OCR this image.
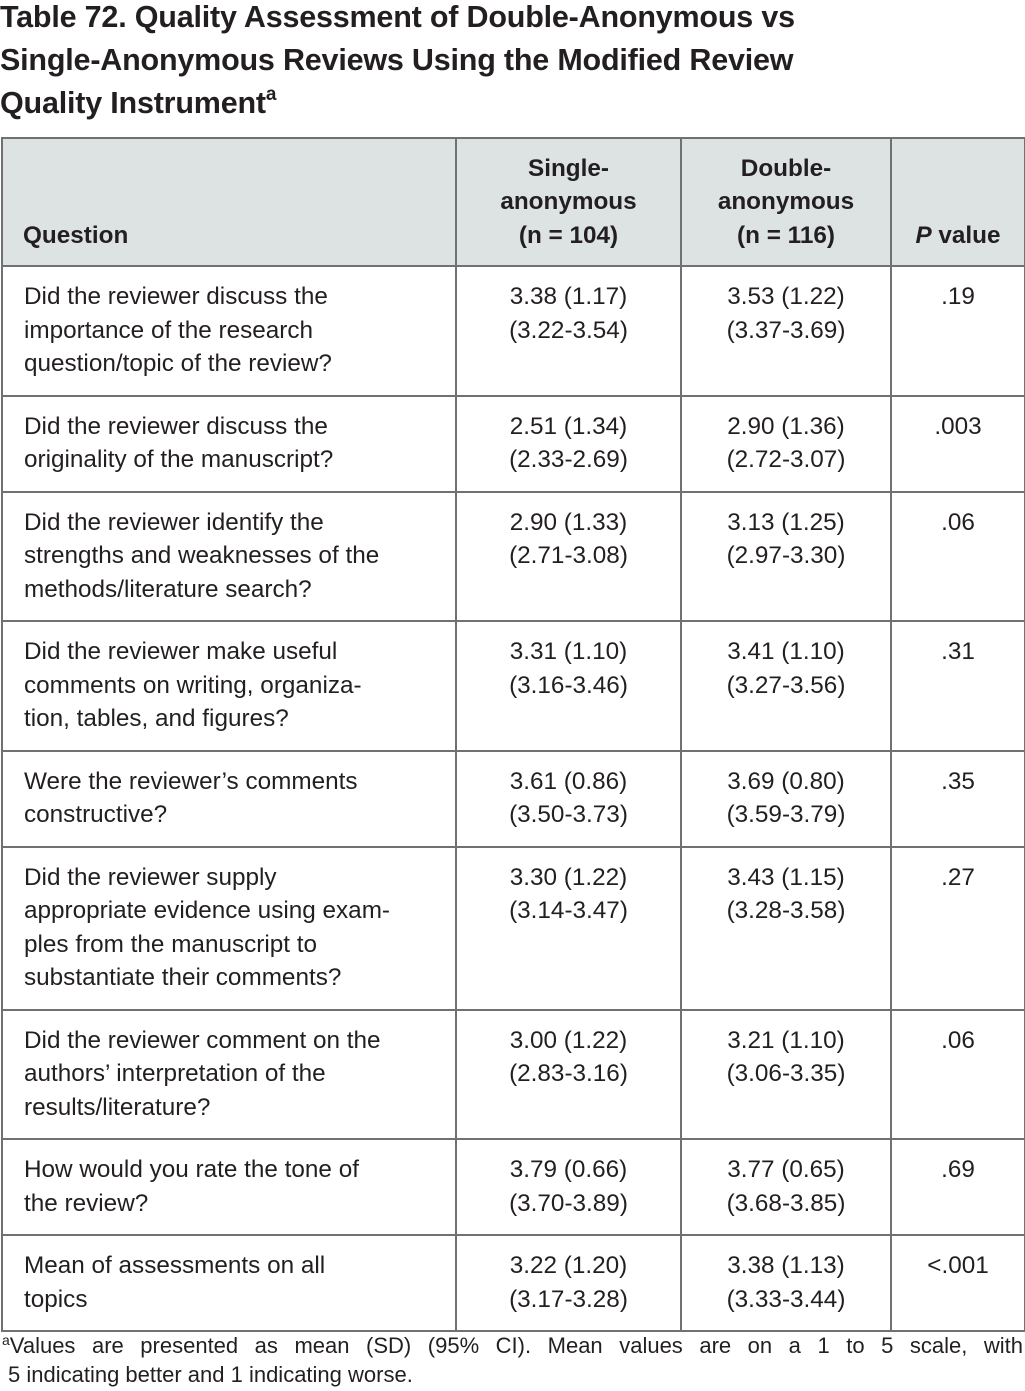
Table 72. Quality Assessment of Double-Anonymous vs
Single-Anonymous Reviews Using the Modified Review
Quality Instrument$^a$
Question	Single-
anonymous
(n = 104)	Double-
anonymous
(n = 116)	P value

Did the reviewer discuss the
importance of the research
question/topic of the review?	3.38 (1.17)
(3.22-3.54)	3.53 (1.22)
(3.37-3.69)	.19

Did the reviewer discuss the
originality of the manuscript?	2.51 (1.34)
(2.33-2.69)	2.90 (1.36)
(2.72-3.07)	.003

Did the reviewer identify the
strengths and weaknesses of the
methods/literature search?	2.90 (1.33)
(2.71-3.08)	3.13 (1.25)
(2.97-3.30)	.06

Did the reviewer make useful
comments on writing, organiza-
tion, tables, and figures?	3.31 (1.10)
(3.16-3.46)	3.41 (1.10)
(3.27-3.56)	.31

Were the reviewer’s comments
constructive?	3.61 (0.86)
(3.50-3.73)	3.69 (0.80)
(3.59-3.79)	.35

Did the reviewer supply
appropriate evidence using exam-
ples from the manuscript to
substantiate their comments?	3.30 (1.22)
(3.14-3.47)	3.43 (1.15)
(3.28-3.58)	.27

Did the reviewer comment on the
authors’ interpretation of the
results/literature?	3.00 (1.22)
(2.83-3.16)	3.21 (1.10)
(3.06-3.35)	.06

How would you rate the tone of
the review?	3.79 (0.66)
(3.70-3.89)	3.77 (0.65)
(3.68-3.85)	.69

Mean of assessments on all
topics	3.22 (1.20)
(3.17-3.28)	3.38 (1.13)
(3.33-3.44)	<.001
$^a$Values are presented as mean (SD) (95% CI). Mean values are on a 1 to 5 scale, with
5 indicating better and 1 indicating worse.
